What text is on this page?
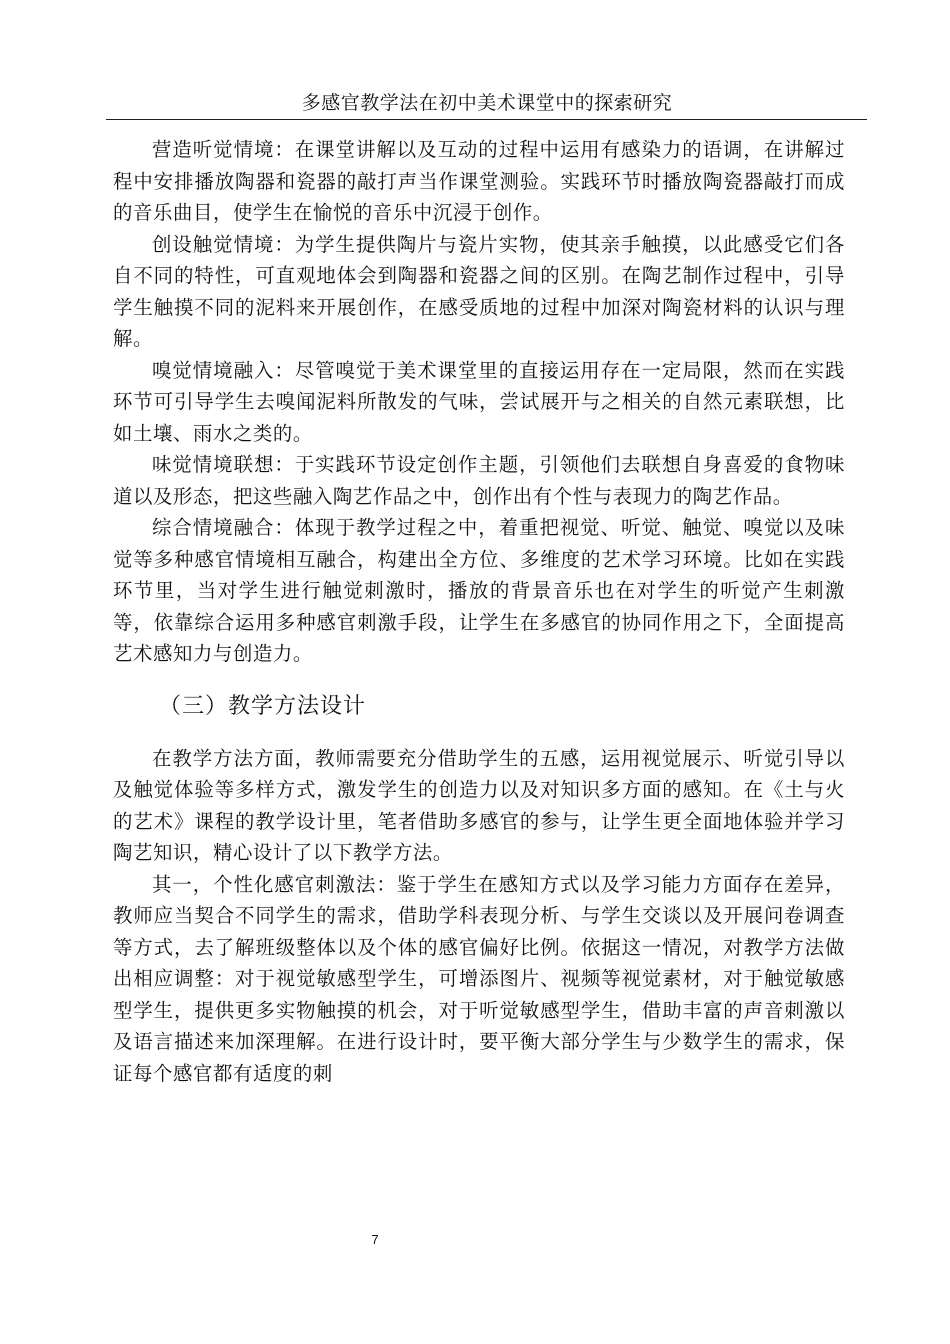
多感官教学法在初中美术课堂中的探索研究

营造听觉情境：在课堂讲解以及互动的过程中运用有感染力的语调，在讲解过程中安排播放陶器和瓷器的敲打声当作课堂测验。实践环节时播放陶瓷器敲打而成的音乐曲目，使学生在愉悦的音乐中沉浸于创作。

创设触觉情境：为学生提供陶片与瓷片实物，使其亲手触摸，以此感受它们各自不同的特性，可直观地体会到陶器和瓷器之间的区别。在陶艺制作过程中，引导学生触摸不同的泥料来开展创作，在感受质地的过程中加深对陶瓷材料的认识与理解。

嗅觉情境融入：尽管嗅觉于美术课堂里的直接运用存在一定局限，然而在实践环节可引导学生去嗅闻泥料所散发的气味，尝试展开与之相关的自然元素联想，比如土壤、雨水之类的。

味觉情境联想：于实践环节设定创作主题，引领他们去联想自身喜爱的食物味道以及形态，把这些融入陶艺作品之中，创作出有个性与表现力的陶艺作品。

综合情境融合：体现于教学过程之中，着重把视觉、听觉、触觉、嗅觉以及味觉等多种感官情境相互融合，构建出全方位、多维度的艺术学习环境。比如在实践环节里，当对学生进行触觉刺激时，播放的背景音乐也在对学生的听觉产生刺激等，依靠综合运用多种感官刺激手段，让学生在多感官的协同作用之下，全面提高艺术感知力与创造力。

（三）教学方法设计

在教学方法方面，教师需要充分借助学生的五感，运用视觉展示、听觉引导以及触觉体验等多样方式，激发学生的创造力以及对知识多方面的感知。在《土与火的艺术》课程的教学设计里，笔者借助多感官的参与，让学生更全面地体验并学习陶艺知识，精心设计了以下教学方法。

其一，个性化感官刺激法：鉴于学生在感知方式以及学习能力方面存在差异，教师应当契合不同学生的需求，借助学科表现分析、与学生交谈以及开展问卷调查等方式，去了解班级整体以及个体的感官偏好比例。依据这一情况，对教学方法做出相应调整：对于视觉敏感型学生，可增添图片、视频等视觉素材，对于触觉敏感型学生，提供更多实物触摸的机会，对于听觉敏感型学生，借助丰富的声音刺激以及语言描述来加深理解。在进行设计时，要平衡大部分学生与少数学生的需求，保证每个感官都有适度的刺

7
